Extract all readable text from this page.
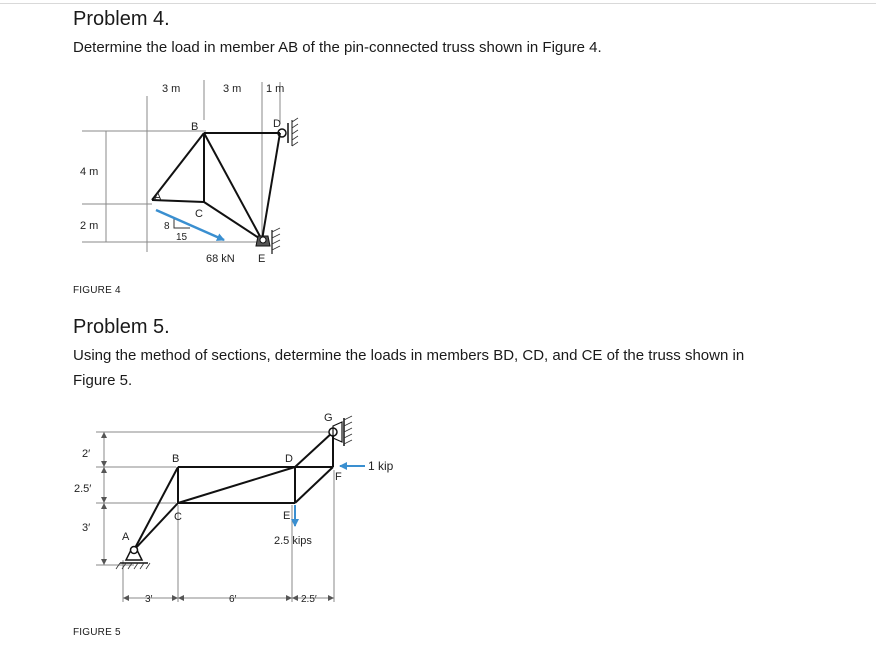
Problem 4.
Determine the load in member AB of the pin-connected truss shown in Figure 4.
3 m	3 m 1 m
4 m
2 m
A
B
C
D
E
8
15
68 kN
FIGURE 4
Problem 5.
Using the method of sections, determine the loads in members BD, CD, and CE of the truss shown in
Figure 5.
2′
2.5′
3′
3′	6′	2.5′
A
B
C
D
E
F
G
1 kip
2.5 kips
FIGURE 5
